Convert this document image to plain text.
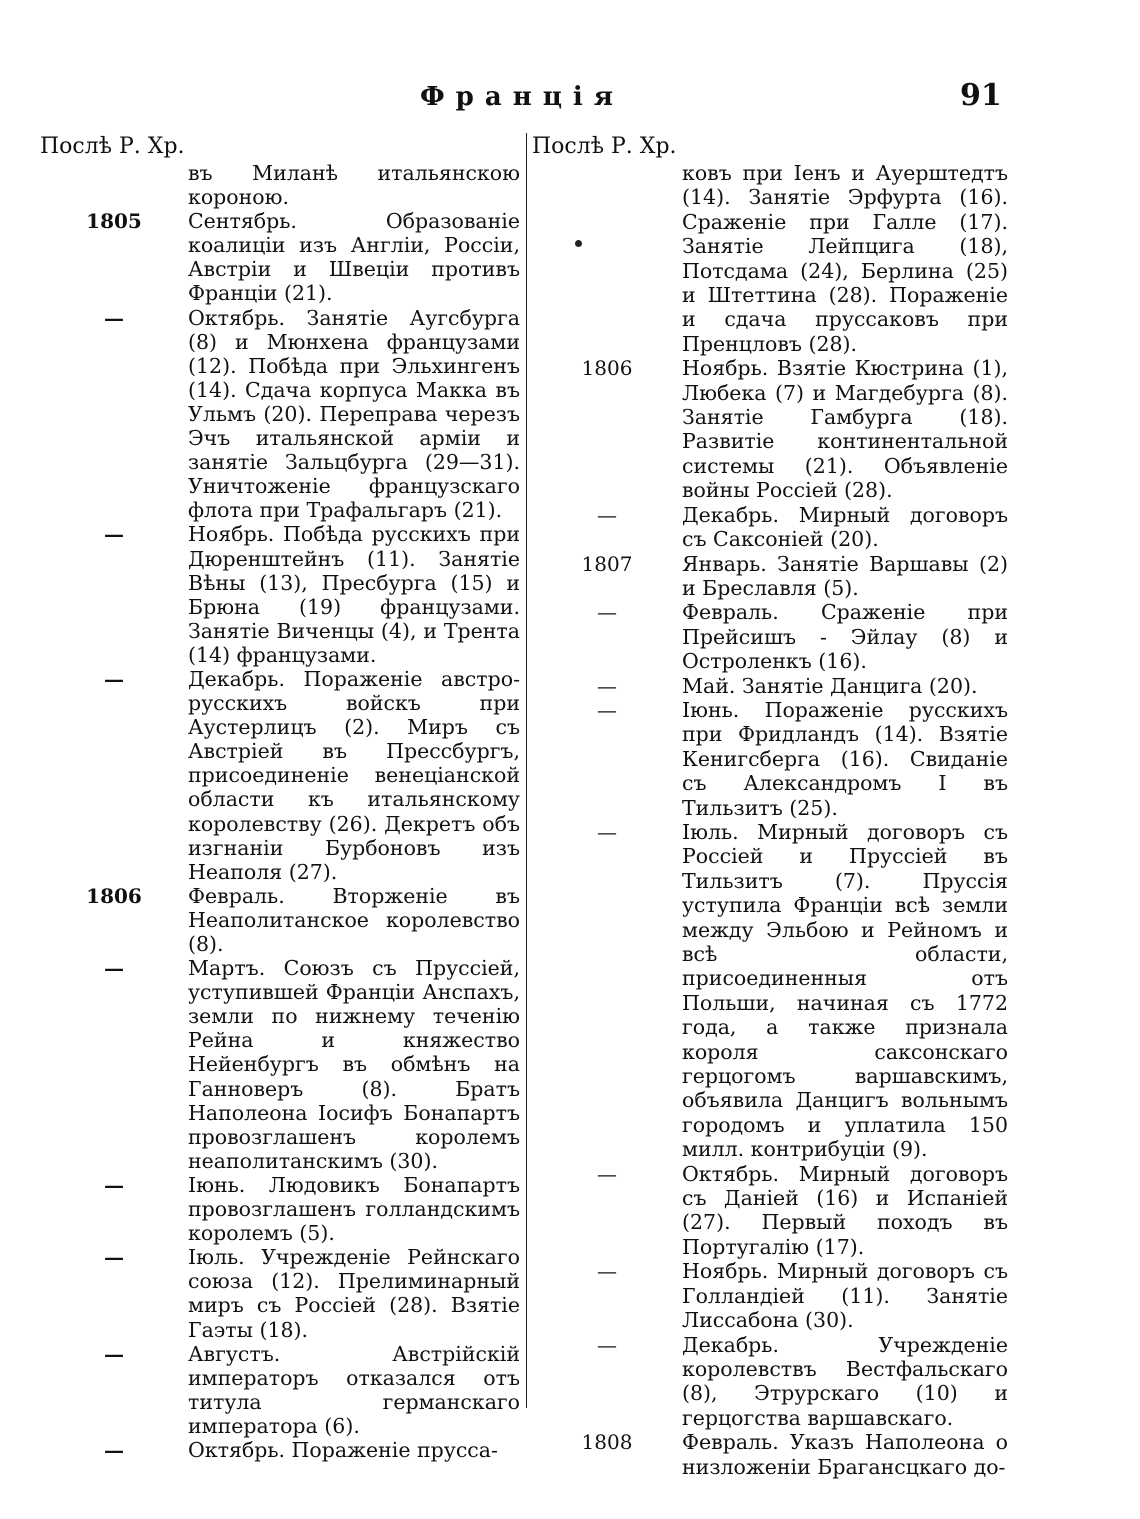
Франція	91
Послѣ Р. Хр.
въ Миланѣ итальянскою короною.
1805	Сентябрь. Образованіе коалиціи изъ Англіи, Россіи, Австріи и Швеціи противъ Франціи (21).
—	Октябрь. Занятіе Аугсбурга (8) и Мюнхена французами (12). Побѣда при Эльхингенъ (14). Сдача корпуса Макка въ Ульмъ (20). Переправа черезъ Эчъ итальянской арміи и занятіе Зальцбурга (29—31). Уничтоженіе французскаго флота при Трафальгаръ (21).
—	Ноябрь. Побѣда русскихъ при Дюренштейнъ (11). Занятіе Вѣны (13), Пресбурга (15) и Брюна (19) французами. Занятіе Виченцы (4), и Трента (14) французами.
—	Декабрь. Пораженіе австро-русскихъ войскъ при Аустерлицъ (2). Миръ съ Австріей въ Прессбургъ, присоединеніе венеціанской области къ итальянскому королевству (26). Декретъ объ изгнаніи Бурбоновъ изъ Неаполя (27).
1806	Февраль. Вторженіе въ Неаполитанское королевство (8).
—	Мартъ. Союзъ съ Пруссіей, уступившей Франціи Анспахъ, земли по нижнему теченію Рейна и княжество Нейенбургъ въ обмѣнъ на Ганноверъ (8). Братъ Наполеона Іосифъ Бонапартъ провозглашенъ королемъ неаполитанскимъ (30).
—	Іюнь. Людовикъ Бонапартъ провозглашенъ голландскимъ королемъ (5).
—	Іюль. Учрежденіе Рейнскаго союза (12). Прелиминарный миръ съ Россіей (28). Взятіе Гаэты (18).
—	Августъ. Австрійскій императоръ отказался отъ титула германскаго императора (6).
—	Октябрь. Пораженіе прусса-
Послѣ Р. Хр.
ковъ при Іенъ и Ауерштедтъ (14). Занятіе Эрфурта (16). Сраженіе при Галле (17). Занятіе Лейпцига (18), Потсдама (24), Берлина (25) и Штеттина (28). Пораженіе и сдача пруссаковъ при Пренцловъ (28).
1806	Ноябрь. Взятіе Кюстрина (1), Любека (7) и Магдебурга (8). Занятіе Гамбурга (18). Развитіе континентальной системы (21). Объявленіе войны Россіей (28).
—	Декабрь. Мирный договоръ съ Саксоніей (20).
1807	Январь. Занятіе Варшавы (2) и Бреславля (5).
—	Февраль. Сраженіе при Прейсишъ - Эйлау (8) и Остроленкъ (16).
—	Май. Занятіе Данцига (20).
—	Іюнь. Пораженіе русскихъ при Фридландъ (14). Взятіе Кенигсберга (16). Свиданіе съ Александромъ I въ Тильзитъ (25).
—	Іюль. Мирный договоръ съ Россіей и Пруссіей въ Тильзитъ (7). Пруссія уступила Франціи всѣ земли между Эльбою и Рейномъ и всѣ области, присоединенныя отъ Польши, начиная съ 1772 года, а также признала короля саксонскаго герцогомъ варшавскимъ, объявила Данцигъ вольнымъ городомъ и уплатила 150 милл. контрибуціи (9).
—	Октябрь. Мирный договоръ съ Даніей (16) и Испаніей (27). Первый походъ въ Португалію (17).
—	Ноябрь. Мирный договоръ съ Голландіей (11). Занятіе Лиссабона (30).
—	Декабрь. Учрежденіе королевствъ Вестфальскаго (8), Этрурскаго (10) и герцогства варшавскаго.
1808	Февраль. Указъ Наполеона о низложеніи Брагансцкаго до-
